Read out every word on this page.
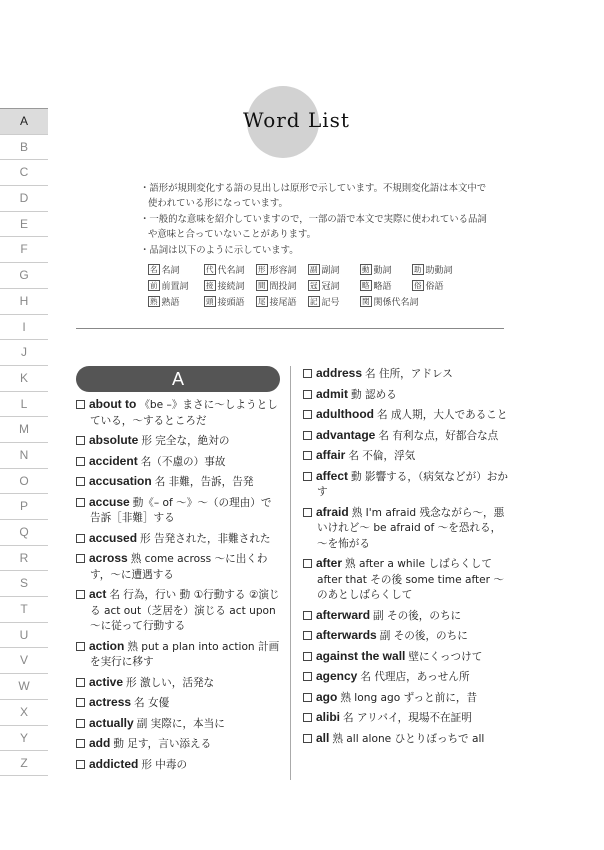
A
B
C
D
E
F
G
H
I
J
K
L
M
N
O
P
Q
R
S
T
U
V
W
X
Y
Z
Word List
・語形が規則変化する語の見出しは原形で示しています。不規則変化語は本文中で使われている形になっています。
・一般的な意味を紹介していますので，一部の語で本文で実際に使われている品詞や意味と合っていないことがあります。
・品詞は以下のように示しています。
名 名詞	代 代名詞	形 形容詞	副 副詞	動 動詞	助 助動詞
前 前置詞	接 接続詞	間 間投詞	冠 冠詞	略 略語	俗 俗語
熟 熟語	頭 接頭語	尾 接尾語	記 記号	関 関係代名詞
A
about to 《be –》まさに～しようとしている，～するところだ
absolute 形 完全な，絶対の
accident 名（不慮の）事故
accusation 名 非難，告訴，告発
accuse 動《– of ～》～（の理由）で告訴［非難］する
accused 形 告発された，非難された
across 熟 come across ～に出くわす，～に遭遇する
act 名 行為，行い 動 ①行動する ②演じる act out（芝居を）演じる act upon ～に従って行動する
action 熟 put a plan into action 計画を実行に移す
active 形 激しい，活発な
actress 名 女優
actually 副 実際に，本当に
add 動 足す，言い添える
addicted 形 中毒の
address 名 住所，アドレス
admit 動 認める
adulthood 名 成人期，大人であること
advantage 名 有利な点，好都合な点
affair 名 不倫，浮気
affect 動 影響する，（病気などが）おかす
afraid 熟 I'm afraid 残念ながら～，悪いけれど～ be afraid of ～を恐れる，～を怖がる
after 熟 after a while しばらくして after that その後 some time after ～のあとしばらくして
afterward 副 その後，のちに
afterwards 副 その後，のちに
against the wall 壁にくっつけて
agency 名 代理店，あっせん所
ago 熟 long ago ずっと前に，昔
alibi 名 アリバイ，現場不在証明
all 熟 all alone ひとりぼっちで all
